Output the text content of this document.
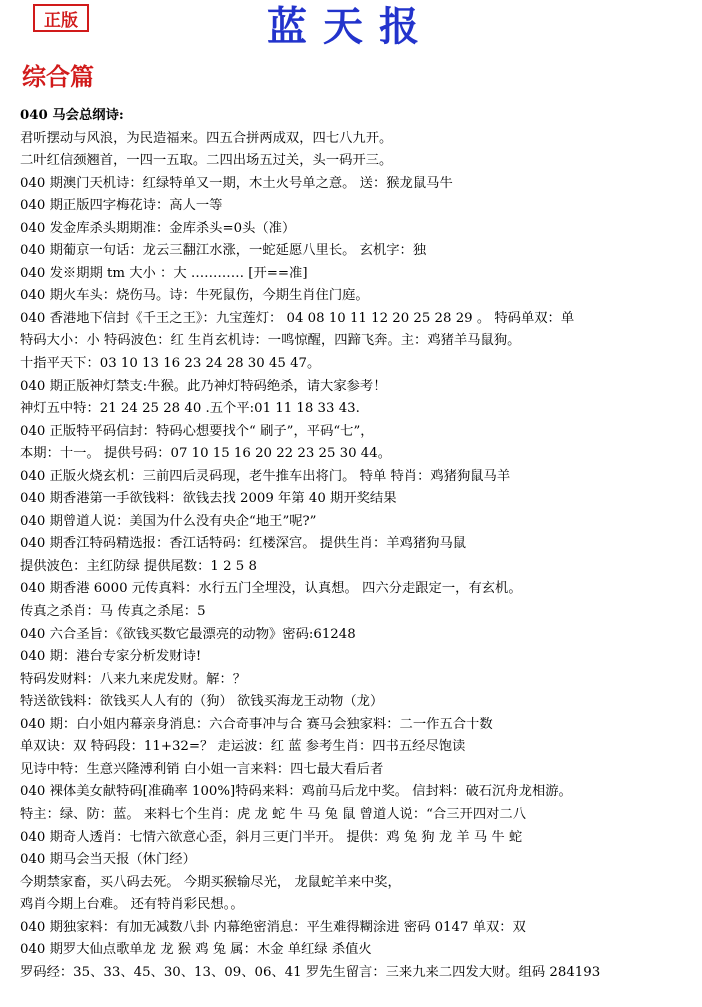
正版	蓝天报
综合篇
040 马会总纲诗:
君听摆动与风浪，为民造福来。四五合拼两成双，四七八九开。
二叶红信颈翘首，一四一五取。二四出场五过关，头一码开三。
040 期澳门天机诗：红绿特单又一期，木土火号单之意。 送：猴龙鼠马牛
040 期正版四字梅花诗：高人一等
040 发金库杀头期期准：金库杀头=0头（准）
040 期葡京一句话：龙云三翻江水涨，一蛇延愿八里长。 玄机字：独
040 发※期期 tm 大小 ：大 ………… [开==准]
040 期火车头：烧伤马。诗：牛死鼠伤，今期生肖住门庭。
040 香港地下信封《千王之王》：九宝莲灯： 04 08 10 11 12 20 25 28 29 。 特码单双：单
特码大小：小 特码波色：红 生肖玄机诗：一鸣惊醒，四蹄飞奔。主：鸡猪羊马鼠狗。
十指平天下：03 10 13 16 23 24 28 30 45 47。
040 期正版神灯禁支:牛猴。此乃神灯特码绝杀，请大家参考！
神灯五中特：21 24 25 28 40 .五个平:01 11 18 33 43.
040 正版特平码信封：特码心想要找个“ 刷子”，平码“七”，
本期：十一。 提供号码：07 10 15 16 20 22 23 25 30 44。
040 正版火烧玄机：三前四后灵码现，老牛推车出将门。 特单 特肖：鸡猪狗鼠马羊
040 期香港第一手欲钱料：欲钱去找 2009 年第 40 期开奖结果
040 期曾道人说：美国为什么没有央企“地王”呢?”
040 期香江特码精选报：香江话特码：红楼深宫。 提供生肖：羊鸡猪狗马鼠
提供波色：主红防绿 提供尾数：1 2 5 8
040 期香港 6000 元传真料：水行五门全埋没，认真想。 四六分走跟定一，有玄机。
传真之杀肖：马 传真之杀尾：5
040 六合圣旨：《欲钱买数它最漂亮的动物》密码:61248
040 期：港台专家分析发财诗!
特码发财料：八来九来虎发财。解：？
特送欲钱料：欲钱买人人有的（狗） 欲钱买海龙王动物（龙）
040 期：白小姐内幕亲身消息：六合奇事冲与合 赛马会独家料：二一作五合十数
单双诀：双 特码段：11+32=？ 走运波：红 蓝 参考生肖：四书五经尽饱读
见诗中特：生意兴隆溥利销 白小姐一言来料：四七最大看后者
040 裸体美女献特码[准确率 100%]特码来料：鸡前马后龙中奖。 信封料：破石沉舟龙相游。
特主：绿、防：蓝。 来料七个生肖：虎 龙 蛇 牛 马 兔 鼠 曾道人说：“合三开四对二八
040 期奇人透肖：七情六欲意心歪，斜月三更门半开。 提供：鸡 兔 狗 龙 羊 马 牛 蛇
040 期马会当天报（休门经）
今期禁家畜，买八码去死。 今期买猴输尽光， 龙鼠蛇羊来中奖，
鸡肖今期上台难。 还有特肖彩民想。。
040 期独家料：有加无减数八卦 内幕绝密消息：平生难得糊涂进 密码 0147 单双：双
040 期罗大仙点歌单龙 龙 猴 鸡 兔 属：木金 单红绿 杀值火
罗码经：35、33、45、30、13、09、06、41 罗先生留言：三来九来二四发大财。组码 284193
